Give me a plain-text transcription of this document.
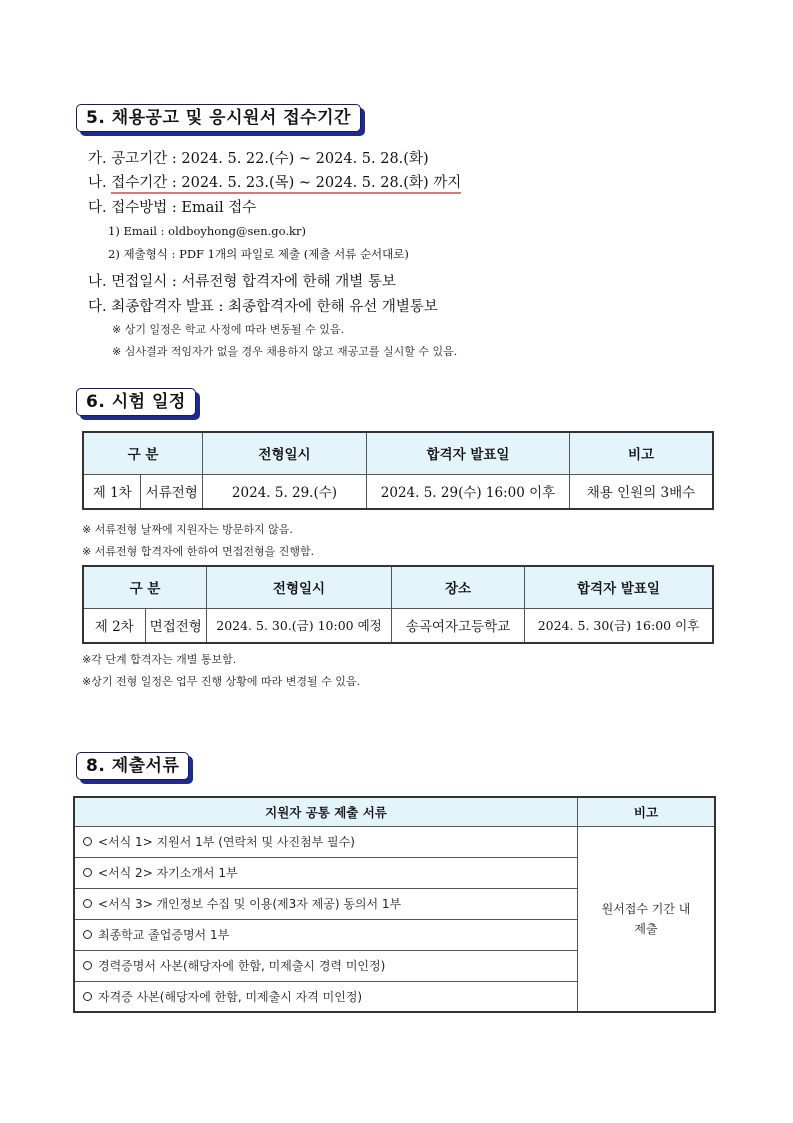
5. 채용공고 및 응시원서 접수기간
가. 공고기간 : 2024. 5. 22.(수) ~ 2024. 5. 28.(화)
나. 접수기간 : 2024. 5. 23.(목) ~ 2024. 5. 28.(화) 까지
다. 접수방법 : Email 접수
1) Email : oldboyhong@sen.go.kr)
2) 제출형식 : PDF 1개의 파일로 제출 (제출 서류 순서대로)
나. 면접일시 : 서류전형 합격자에 한해 개별 통보
다. 최종합격자 발표 : 최종합격자에 한해 유선 개별통보
※ 상기 일정은 학교 사정에 따라 변동될 수 있음.
※ 심사결과 적임자가 없을 경우 채용하지 않고 재공고를 실시할 수 있음.
6. 시험 일정
구 분		전형일시	합격자 발표일	비고
제 1차	서류전형	2024. 5. 29.(수)	2024. 5. 29(수) 16:00 이후	채용 인원의 3배수
※ 서류전형 날짜에 지원자는 방문하지 않음.
※ 서류전형 합격자에 한하여 면접전형을 진행함.
구 분		전형일시	장소	합격자 발표일
제 2차	면접전형	2024. 5. 30.(금) 10:00 예정	송곡여자고등학교	2024. 5. 30(금) 16:00 이후
※각 단계 합격자는 개별 통보함.
※상기 전형 일정은 업무 진행 상황에 따라 변경될 수 있음.
8. 제출서류
지원자 공통 제출 서류	비고
<서식 1> 지원서 1부 (연락처 및 사진첨부 필수)	원서접수 기간 내
제출

<서식 2> 자기소개서 1부	
<서식 3> 개인정보 수집 및 이용(제3자 제공) 동의서 1부	
최종학교 졸업증명서 1부	
경력증명서 사본(해당자에 한함, 미제출시 경력 미인정)	
자격증 사본(해당자에 한함, 미제출시 자격 미인정)	
